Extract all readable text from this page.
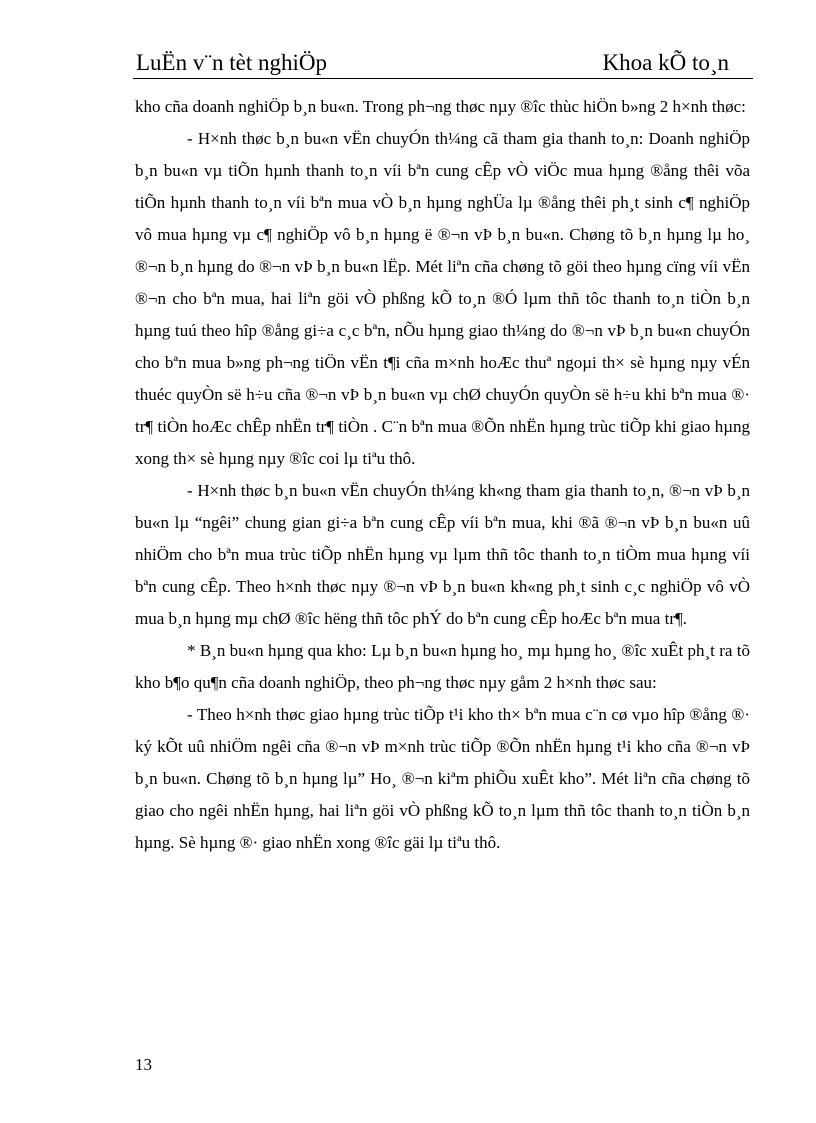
LuËn v¨n tèt nghiÖp	Khoa kÕ to¸n

kho cña doanh nghiÖp b¸n bu«n. Trong ph¬ng thøc nµy ®îc thùc hiÖn b»ng 2 h×nh thøc:

- H×nh thøc b¸n bu«n vËn chuyÓn th¼ng cã tham gia thanh to¸n: Doanh nghiÖp b¸n bu«n vµ tiÕn hµnh thanh to¸n víi bªn cung cÊp vÒ viÖc mua hµng ®ång thêi võa tiÕn hµnh thanh to¸n víi bªn mua vÒ b¸n hµng nghÜa lµ ®ång thêi ph¸t sinh c¶ nghiÖp vô mua hµng vµ c¶ nghiÖp vô b¸n hµng ë ®¬n vÞ b¸n bu«n. Chøng tõ b¸n hµng lµ ho¸ ®¬n b¸n hµng do ®¬n vÞ b¸n bu«n lËp. Mét liªn cña chøng tõ göi theo hµng cïng víi vËn ®¬n cho bªn mua, hai liªn göi vÒ phßng kÕ to¸n ®Ó lµm thñ tôc thanh to¸n tiÒn b¸n hµng tuú theo hîp ®ång gi÷a c¸c bªn, nÕu hµng giao th¼ng do ®¬n vÞ b¸n bu«n chuyÓn cho bªn mua b»ng ph¬ng tiÖn vËn t¶i cña m×nh hoÆc thuª ngoµi th× sè hµng nµy vÉn thuéc quyÒn së h÷u cña ®¬n vÞ b¸n bu«n vµ chØ chuyÓn quyÒn së h÷u khi bªn mua ®· tr¶ tiÒn hoÆc chÊp nhËn tr¶ tiÒn . C¨n bªn mua ®Õn nhËn hµng trùc tiÕp khi giao hµng xong th× sè hµng nµy ®îc coi lµ tiªu thô.

- H×nh thøc b¸n bu«n vËn chuyÓn th¼ng kh«ng tham gia thanh to¸n, ®¬n vÞ b¸n bu«n lµ “ngêi” chung gian gi÷a bªn cung cÊp víi bªn mua, khi ®ã ®¬n vÞ b¸n bu«n uû nhiÖm cho bªn mua trùc tiÕp nhËn hµng vµ lµm thñ tôc thanh to¸n tiÒm mua hµng víi bªn cung cÊp. Theo h×nh thøc nµy ®¬n vÞ b¸n bu«n kh«ng ph¸t sinh c¸c nghiÖp vô vÒ mua b¸n hµng mµ chØ ®îc hëng thñ tôc phÝ do bªn cung cÊp hoÆc bªn mua tr¶.

* B¸n bu«n hµng qua kho: Lµ b¸n bu«n hµng ho¸ mµ hµng ho¸ ®îc xuÊt ph¸t ra tõ kho b¶o qu¶n cña doanh nghiÖp, theo ph¬ng thøc nµy gåm 2 h×nh thøc sau:

- Theo h×nh thøc giao hµng trùc tiÕp t¹i kho th× bªn mua c¨n cø vµo hîp ®ång ®· ký kÕt uû nhiÖm ngêi cña ®¬n vÞ m×nh trùc tiÕp ®Õn nhËn hµng t¹i kho cña ®¬n vÞ b¸n bu«n. Chøng tõ b¸n hµng lµ” Ho¸ ®¬n kiªm phiÕu xuÊt kho”. Mét liªn cña chøng tõ giao cho ngêi nhËn hµng, hai liªn göi vÒ phßng kÕ to¸n lµm thñ tôc thanh to¸n tiÒn b¸n hµng. Sè hµng ®· giao nhËn xong ®îc gäi lµ tiªu thô.

13
